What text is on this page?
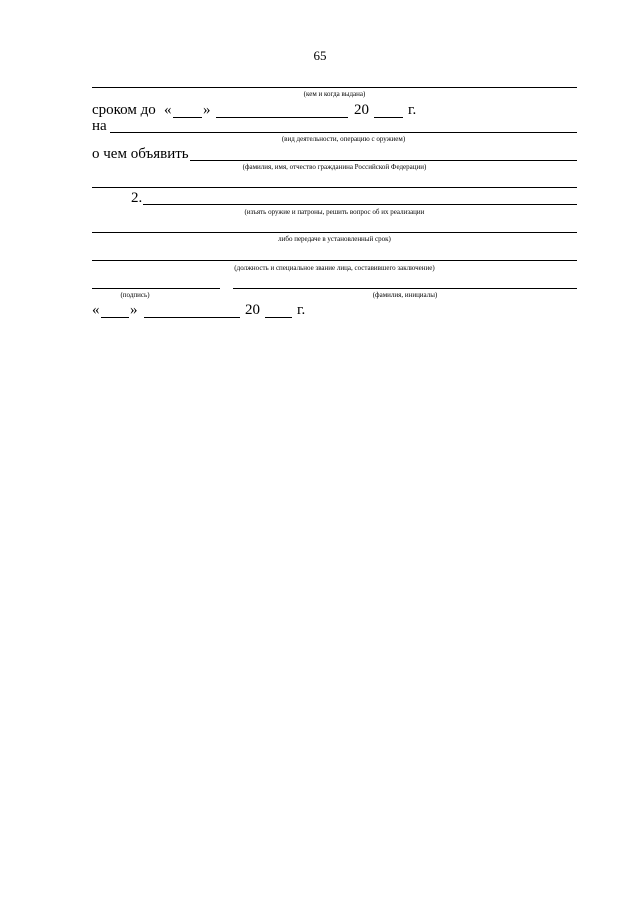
65
(кем и когда выдана)
сроком до « »	20	г.
на
(вид деятельности, операцию с оружием)
о чем объявить
(фамилия, имя, отчество гражданина Российской Федерации)
2.
(изъять оружие и патроны, решить вопрос об их реализации
либо передаче в установленный срок)
(должность и специальное звание лица, составившего заключение)
(подпись)	(фамилия, инициалы)
« »	20 г.
